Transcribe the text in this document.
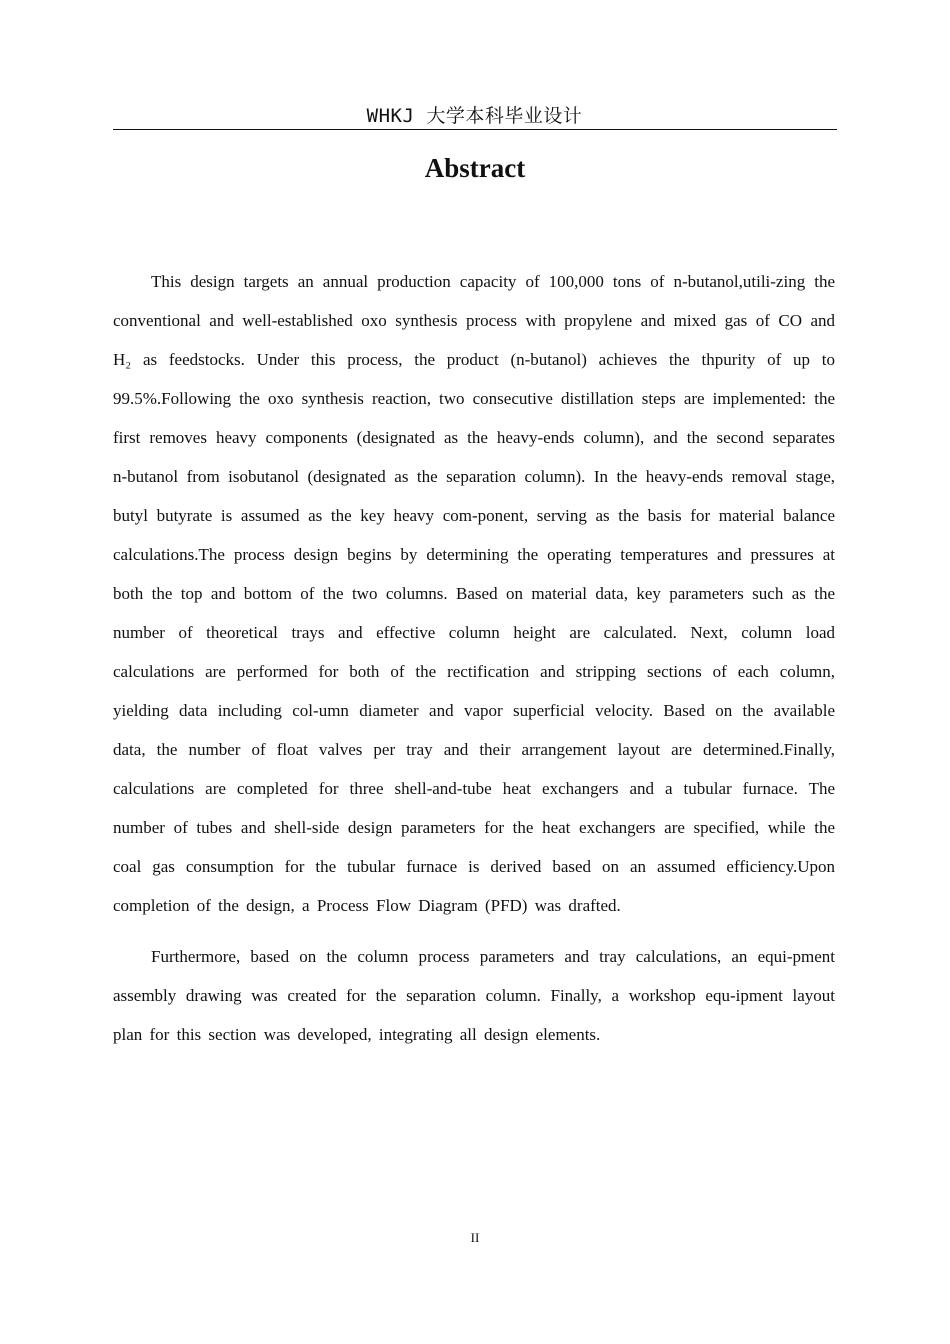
WHKJ 大学本科毕业设计
Abstract

This design targets an annual production capacity of 100,000 tons of n-butanol,utili-zing the conventional and well-established oxo synthesis process with propylene and mixed gas of CO and H₂ as feedstocks. Under this process, the product (n-butanol) achieves the thpurity of up to 99.5%.Following the oxo synthesis reaction, two consecutive distillation steps are implemented: the first removes heavy components (designated as the heavy-ends column), and the second separates n-butanol from isobutanol (designated as the separation column). In the heavy-ends removal stage, butyl butyrate is assumed as the key heavy com-ponent, serving as the basis for material balance calculations.The process design begins by determining the operating temperatures and pressures at both the top and bottom of the two columns. Based on material data, key parameters such as the number of theoretical trays and effective column height are calculated. Next, column load calculations are performed for both of the rectification and stripping sections of each column, yielding data including col-umn diameter and vapor superficial velocity. Based on the available data, the number of float valves per tray and their arrangement layout are determined.Finally, calculations are completed for three shell-and-tube heat exchangers and a tubular furnace. The number of tubes and shell-side design parameters for the heat exchangers are specified, while the coal gas consumption for the tubular furnace is derived based on an assumed efficiency.Upon completion of the design, a Process Flow Diagram (PFD) was drafted.

Furthermore, based on the column process parameters and tray calculations, an equi-pment assembly drawing was created for the separation column. Finally, a workshop equ-ipment layout plan for this section was developed, integrating all design elements.

II
